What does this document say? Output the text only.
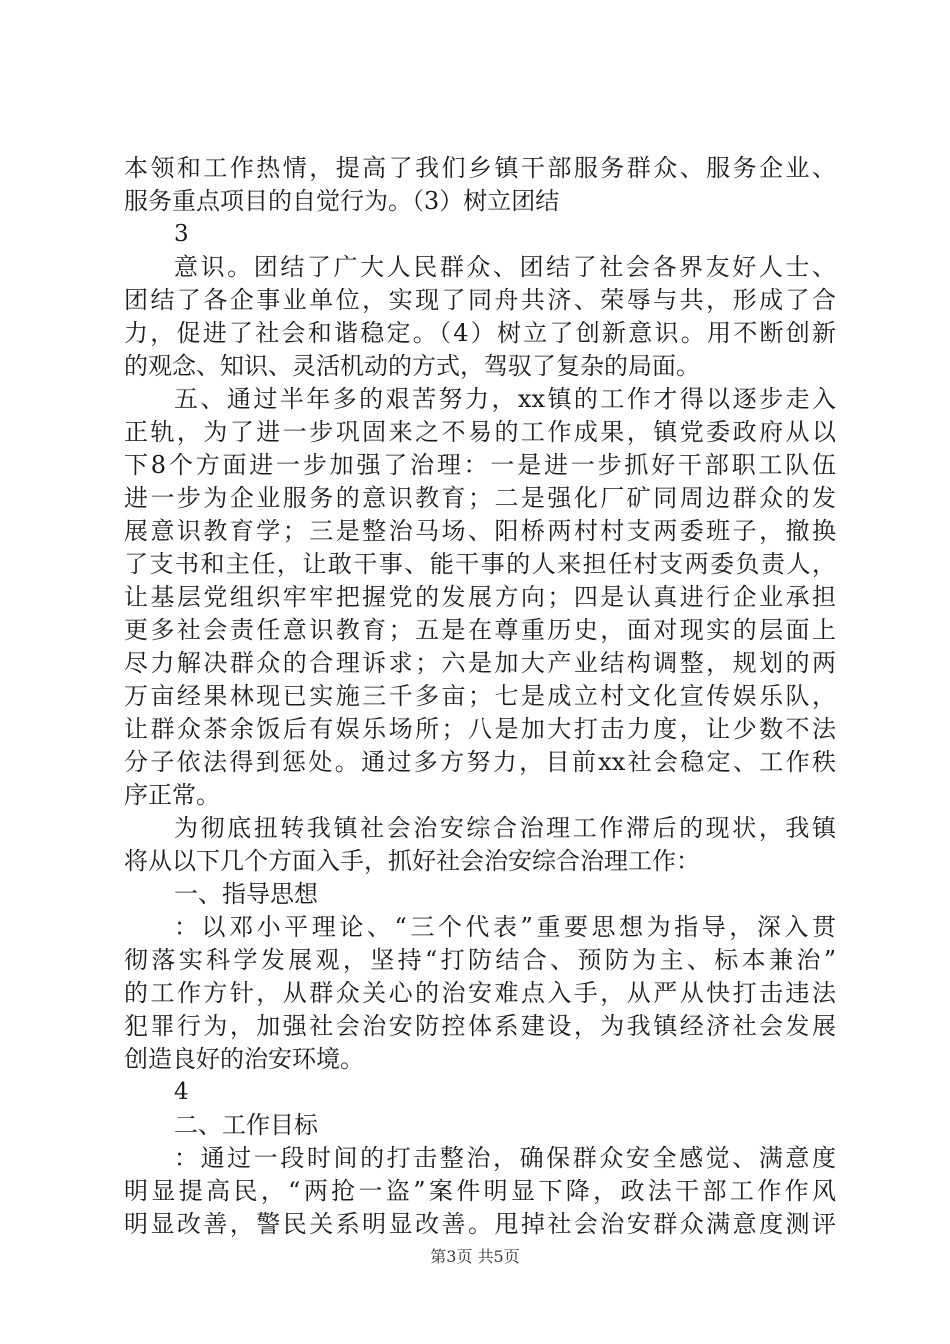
本领和工作热情，提高了我们乡镇干部服务群众、服务企业、
服务重点项目的自觉行为。（3）树立团结
3
意识。团结了广大人民群众、团结了社会各界友好人士、
团结了各企事业单位，实现了同舟共济、荣辱与共，形成了合
力，促进了社会和谐稳定。（4）树立了创新意识。用不断创新
的观念、知识、灵活机动的方式，驾驭了复杂的局面。
五、通过半年多的艰苦努力，xx镇的工作才得以逐步走入
正轨，为了进一步巩固来之不易的工作成果，镇党委政府从以
下8个方面进一步加强了治理：一是进一步抓好干部职工队伍
进一步为企业服务的意识教育；二是强化厂矿同周边群众的发
展意识教育学；三是整治马场、阳桥两村村支两委班子，撤换
了支书和主任，让敢干事、能干事的人来担任村支两委负责人，
让基层党组织牢牢把握党的发展方向；四是认真进行企业承担
更多社会责任意识教育；五是在尊重历史，面对现实的层面上
尽力解决群众的合理诉求；六是加大产业结构调整，规划的两
万亩经果林现已实施三千多亩；七是成立村文化宣传娱乐队，
让群众茶余饭后有娱乐场所；八是加大打击力度，让少数不法
分子依法得到惩处。通过多方努力，目前xx社会稳定、工作秩
序正常。
为彻底扭转我镇社会治安综合治理工作滞后的现状，我镇
将从以下几个方面入手，抓好社会治安综合治理工作：
一、指导思想
：以邓小平理论、“三个代表”重要思想为指导，深入贯
彻落实科学发展观，坚持“打防结合、预防为主、标本兼治”
的工作方针，从群众关心的治安难点入手，从严从快打击违法
犯罪行为，加强社会治安防控体系建设，为我镇经济社会发展
创造良好的治安环境。
4
二、工作目标
：通过一段时间的打击整治，确保群众安全感觉、满意度
明显提高民，“两抢一盗”案件明显下降，政法干部工作作风
明显改善，警民关系明显改善。甩掉社会治安群众满意度测评
第3页 共5页
